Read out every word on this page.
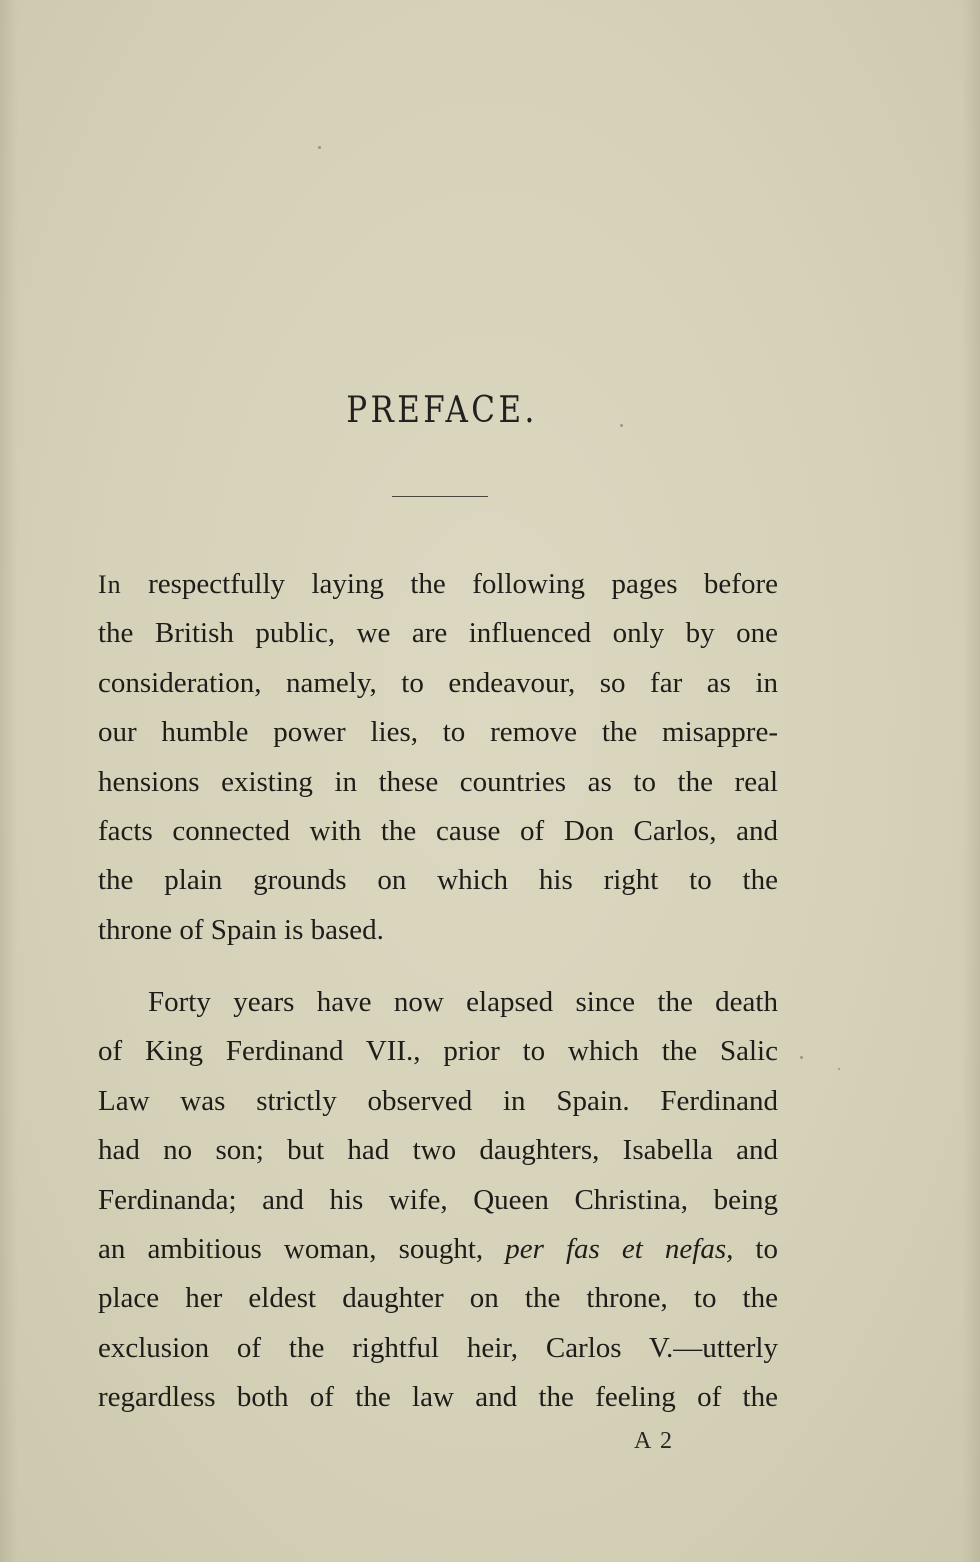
PREFACE.
In respectfully laying the following pages before
the British public, we are influenced only by one
consideration, namely, to endeavour, so far as in
our humble power lies, to remove the misappre-
hensions existing in these countries as to the real
facts connected with the cause of Don Carlos, and
the plain grounds on which his right to the
throne of Spain is based.
Forty years have now elapsed since the death
of King Ferdinand VII., prior to which the Salic
Law was strictly observed in Spain. Ferdinand
had no son; but had two daughters, Isabella and
Ferdinanda; and his wife, Queen Christina, being
an ambitious woman, sought, per fas et nefas, to
place her eldest daughter on the throne, to the
exclusion of the rightful heir, Carlos V.—utterly
regardless both of the law and the feeling of the
A 2
